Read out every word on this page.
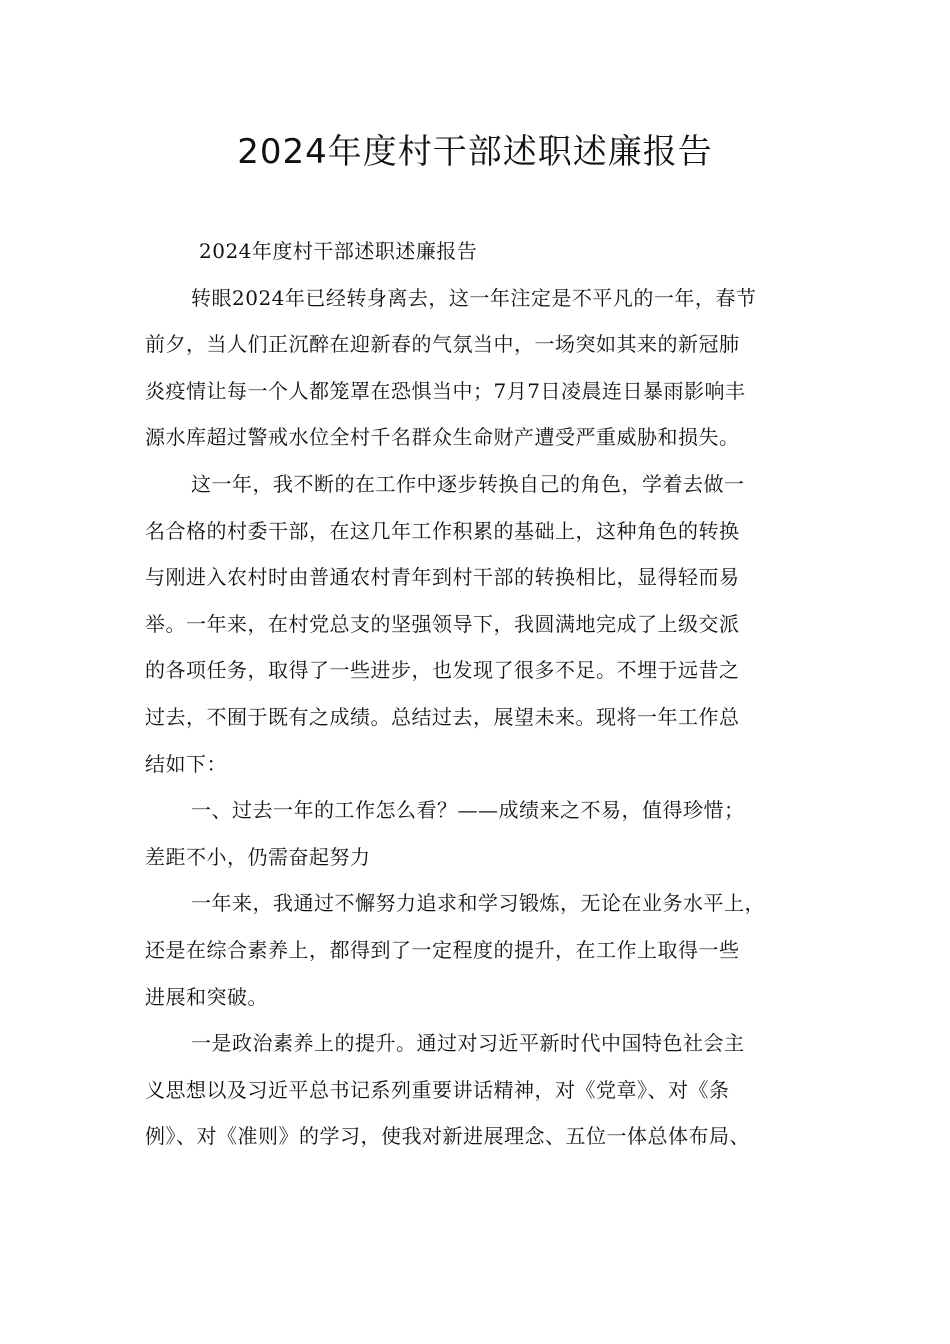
2024年度村干部述职述廉报告
2024年度村干部述职述廉报告
转眼2024年已经转身离去，这一年注定是不平凡的一年，春节
前夕，当人们正沉醉在迎新春的气氛当中，一场突如其来的新冠肺
炎疫情让每一个人都笼罩在恐惧当中；7月7日凌晨连日暴雨影响丰
源水库超过警戒水位全村千名群众生命财产遭受严重威胁和损失。
这一年，我不断的在工作中逐步转换自己的角色，学着去做一
名合格的村委干部，在这几年工作积累的基础上，这种角色的转换
与刚进入农村时由普通农村青年到村干部的转换相比，显得轻而易
举。一年来，在村党总支的坚强领导下，我圆满地完成了上级交派
的各项任务，取得了一些进步，也发现了很多不足。不埋于远昔之
过去，不囿于既有之成绩。总结过去，展望未来。现将一年工作总
结如下：
一、过去一年的工作怎么看？——成绩来之不易，值得珍惜；
差距不小，仍需奋起努力
一年来，我通过不懈努力追求和学习锻炼，无论在业务水平上，
还是在综合素养上，都得到了一定程度的提升，在工作上取得一些
进展和突破。
一是政治素养上的提升。通过对习近平新时代中国特色社会主
义思想以及习近平总书记系列重要讲话精神，对《党章》、对《条
例》、对《准则》的学习，使我对新进展理念、五位一体总体布局、
